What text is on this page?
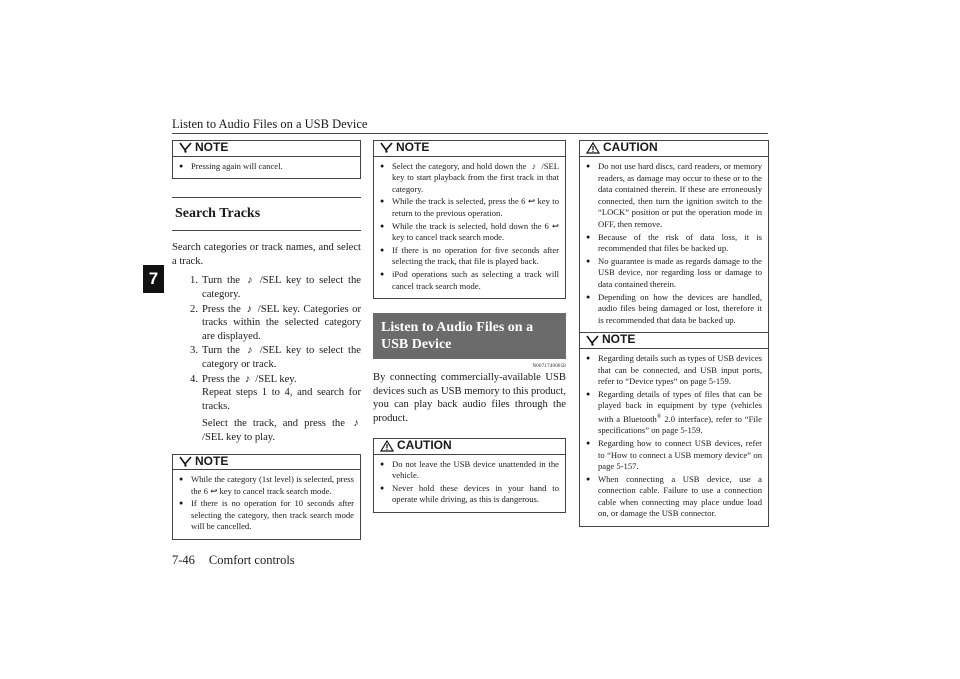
Listen to Audio Files on a USB Device
7
NOTE
● Pressing again will cancel.
Search Tracks
Search categories or track names, and select a track.
1. Turn the ♪ /SEL key to select the category.
2. Press the ♪ /SEL key. Categories or tracks within the selected category are displayed.
3. Turn the ♪ /SEL key to select the category or track.
4. Press the ♪ /SEL key.
Repeat steps 1 to 4, and search for tracks.

Select the track, and press the ♪ /SEL key to play.
NOTE
● While the category (1st level) is selected, press the 6 ↩ key to cancel track search mode.
● If there is no operation for 10 seconds after selecting the category, then track search mode will be cancelled.
NOTE
● Select the category, and hold down the ♪ /SEL key to start playback from the first track in that category.
● While the track is selected, press the 6 ↩ key to return to the previous operation.
● While the track is selected, hold down the 6 ↩ key to cancel track search mode.
● If there is no operation for five seconds after selecting the track, that file is played back.
● iPod operations such as selecting a track will cancel track search mode.
Listen to Audio Files on a USB Device
N00717400058
By connecting commercially-available USB devices such as USB memory to this product, you can play back audio files through the product.
CAUTION
● Do not leave the USB device unattended in the vehicle.
● Never hold these devices in your hand to operate while driving, as this is dangerous.
CAUTION
● Do not use hard discs, card readers, or memory readers, as damage may occur to these or to the data contained therein. If these are erroneously connected, then turn the ignition switch to the “LOCK” position or put the operation mode in OFF, then remove.
● Because of the risk of data loss, it is recommended that files be backed up.
● No guarantee is made as regards damage to the USB device, nor regarding loss or damage to data contained therein.
● Depending on how the devices are handled, audio files being damaged or lost, therefore it is recommended that data be backed up.
NOTE
● Regarding details such as types of USB devices that can be connected, and USB input ports, refer to “Device types” on page 5-159.
● Regarding details of types of files that can be played back in equipment by type (vehicles with a Bluetooth® 2.0 interface), refer to “File specifications” on page 5-159.
● Regarding how to connect USB devices, refer to “How to connect a USB memory device” on page 5-157.
● When connecting a USB device, use a connection cable. Failure to use a connection cable when connecting may place undue load on, or damage the USB connector.
7-46 Comfort controls
